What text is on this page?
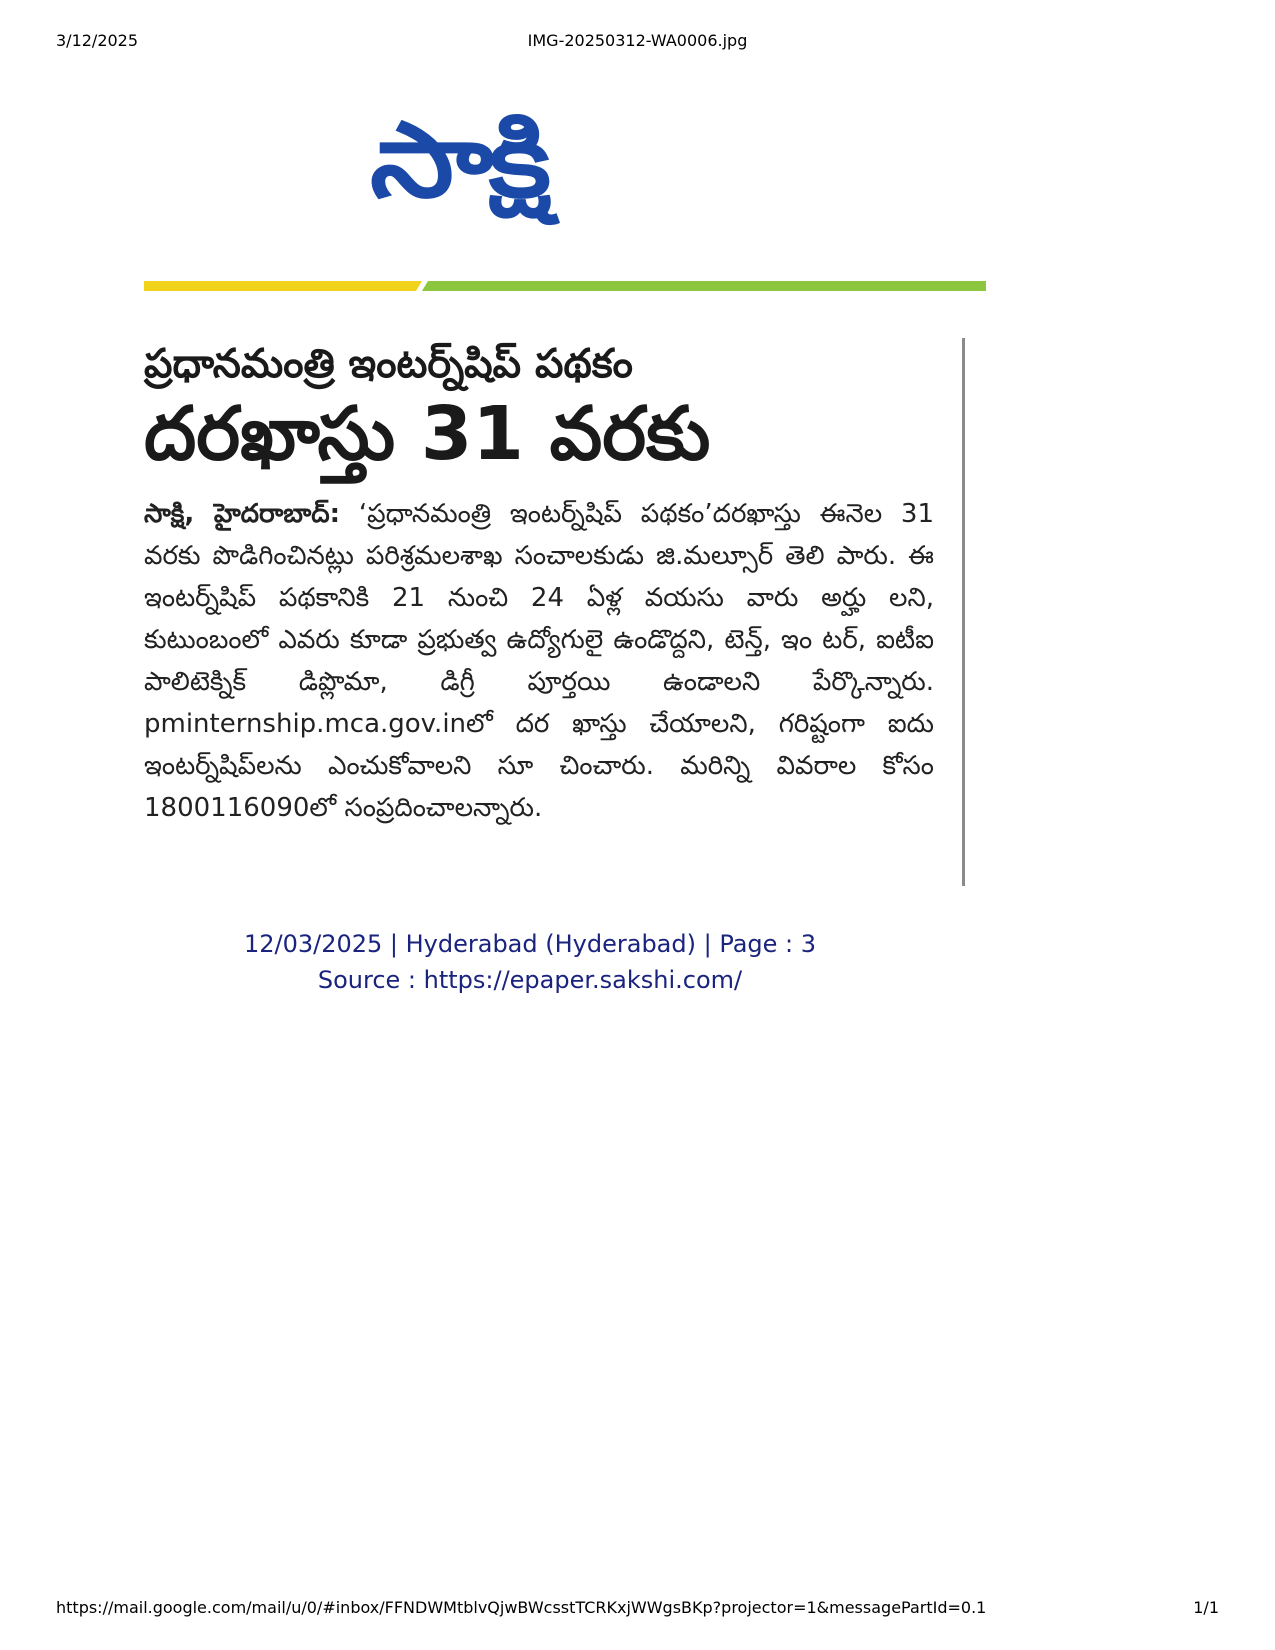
3/12/2025	IMG-20250312-WA0006.jpg
సాక్షి
ప్రధానమంత్రి ఇంటర్న్‌షిప్ పథకం
దరఖాస్తు 31 వరకు

సాక్షి, హైదరాబాద్: ‘ప్రధానమంత్రి ఇంటర్న్‌షిప్ పథకం’దరఖాస్తు ఈనెల 31 వరకు పొడిగించినట్లు పరిశ్రమలశాఖ సంచాలకుడు జి.మల్సూర్ తెలి పారు. ఈ ఇంటర్న్‌షిప్ పథకానికి 21 నుంచి 24 ఏళ్ల వయసు వారు అర్హు లని, కుటుంబంలో ఎవరు కూడా ప్రభుత్వ ఉద్యోగులై ఉండొద్దని, టెన్త్, ఇం టర్, ఐటీఐ పాలిటెక్నిక్ డిప్లొమా, డిగ్రీ పూర్తయి ఉండాలని పేర్కొన్నారు. pminternship.mca.gov.inలో దర ఖాస్తు చేయాలని, గరిష్టంగా ఐదు ఇంటర్న్‌షిప్‌లను ఎంచుకోవాలని సూ చించారు. మరిన్ని వివరాల కోసం 1800116090లో సంప్రదించాలన్నారు.

12/03/2025 | Hyderabad (Hyderabad) | Page : 3
Source : https://epaper.sakshi.com/
https://mail.google.com/mail/u/0/#inbox/FFNDWMtblvQjwBWcsstTCRKxjWWgsBKp?projector=1&messagePartId=0.1	1/1
